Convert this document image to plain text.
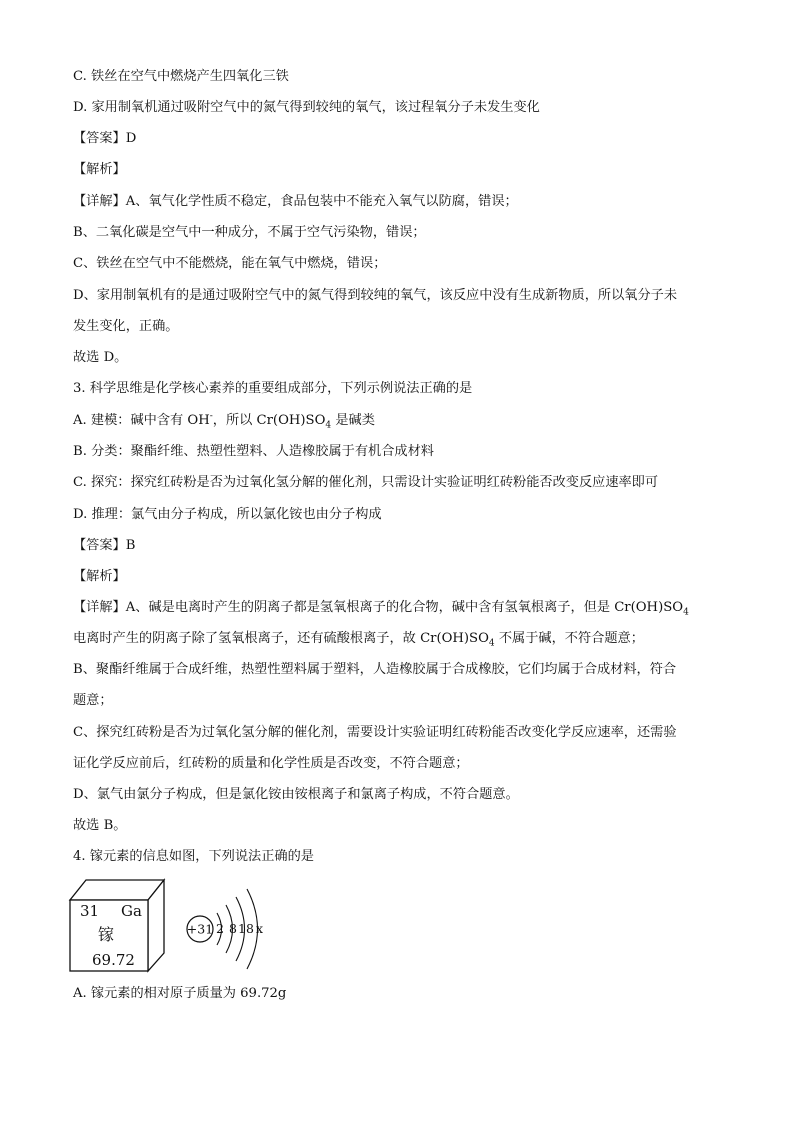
C. 铁丝在空气中燃烧产生四氧化三铁
D. 家用制氧机通过吸附空气中的氮气得到较纯的氧气，该过程氧分子未发生变化
【答案】D
【解析】
【详解】A、氧气化学性质不稳定，食品包装中不能充入氧气以防腐，错误；
B、二氧化碳是空气中一种成分，不属于空气污染物，错误；
C、铁丝在空气中不能燃烧，能在氧气中燃烧，错误；
D、家用制氧机有的是通过吸附空气中的氮气得到较纯的氧气，该反应中没有生成新物质，所以氧分子未
发生变化，正确。
故选 D。
3. 科学思维是化学核心素养的重要组成部分，下列示例说法正确的是
A. 建模：碱中含有 OH-，所以 $Cr(OH)SO_4$ 是碱类
B. 分类：聚酯纤维、热塑性塑料、人造橡胶属于有机合成材料
C. 探究：探究红砖粉是否为过氧化氢分解的催化剂，只需设计实验证明红砖粉能否改变反应速率即可
D. 推理：氯气由分子构成，所以氯化铵也由分子构成
【答案】B
【解析】
【详解】A、碱是电离时产生的阴离子都是氢氧根离子的化合物，碱中含有氢氧根离子，但是 $Cr(OH)SO_4$
电离时产生的阴离子除了氢氧根离子，还有硫酸根离子，故 $Cr(OH)SO_4$ 不属于碱，不符合题意；
B、聚酯纤维属于合成纤维，热塑性塑料属于塑料，人造橡胶属于合成橡胶，它们均属于合成材料，符合
题意；
C、探究红砖粉是否为过氧化氢分解的催化剂，需要设计实验证明红砖粉能否改变化学反应速率，还需验
证化学反应前后，红砖粉的质量和化学性质是否改变，不符合题意；
D、氯气由氯分子构成，但是氯化铵由铵根离子和氯离子构成，不符合题意。
故选 B。
4. 镓元素的信息如图，下列说法正确的是
31 Ga
镓
69.72
+31 2 8 18 x
A. 镓元素的相对原子质量为 69.72g
